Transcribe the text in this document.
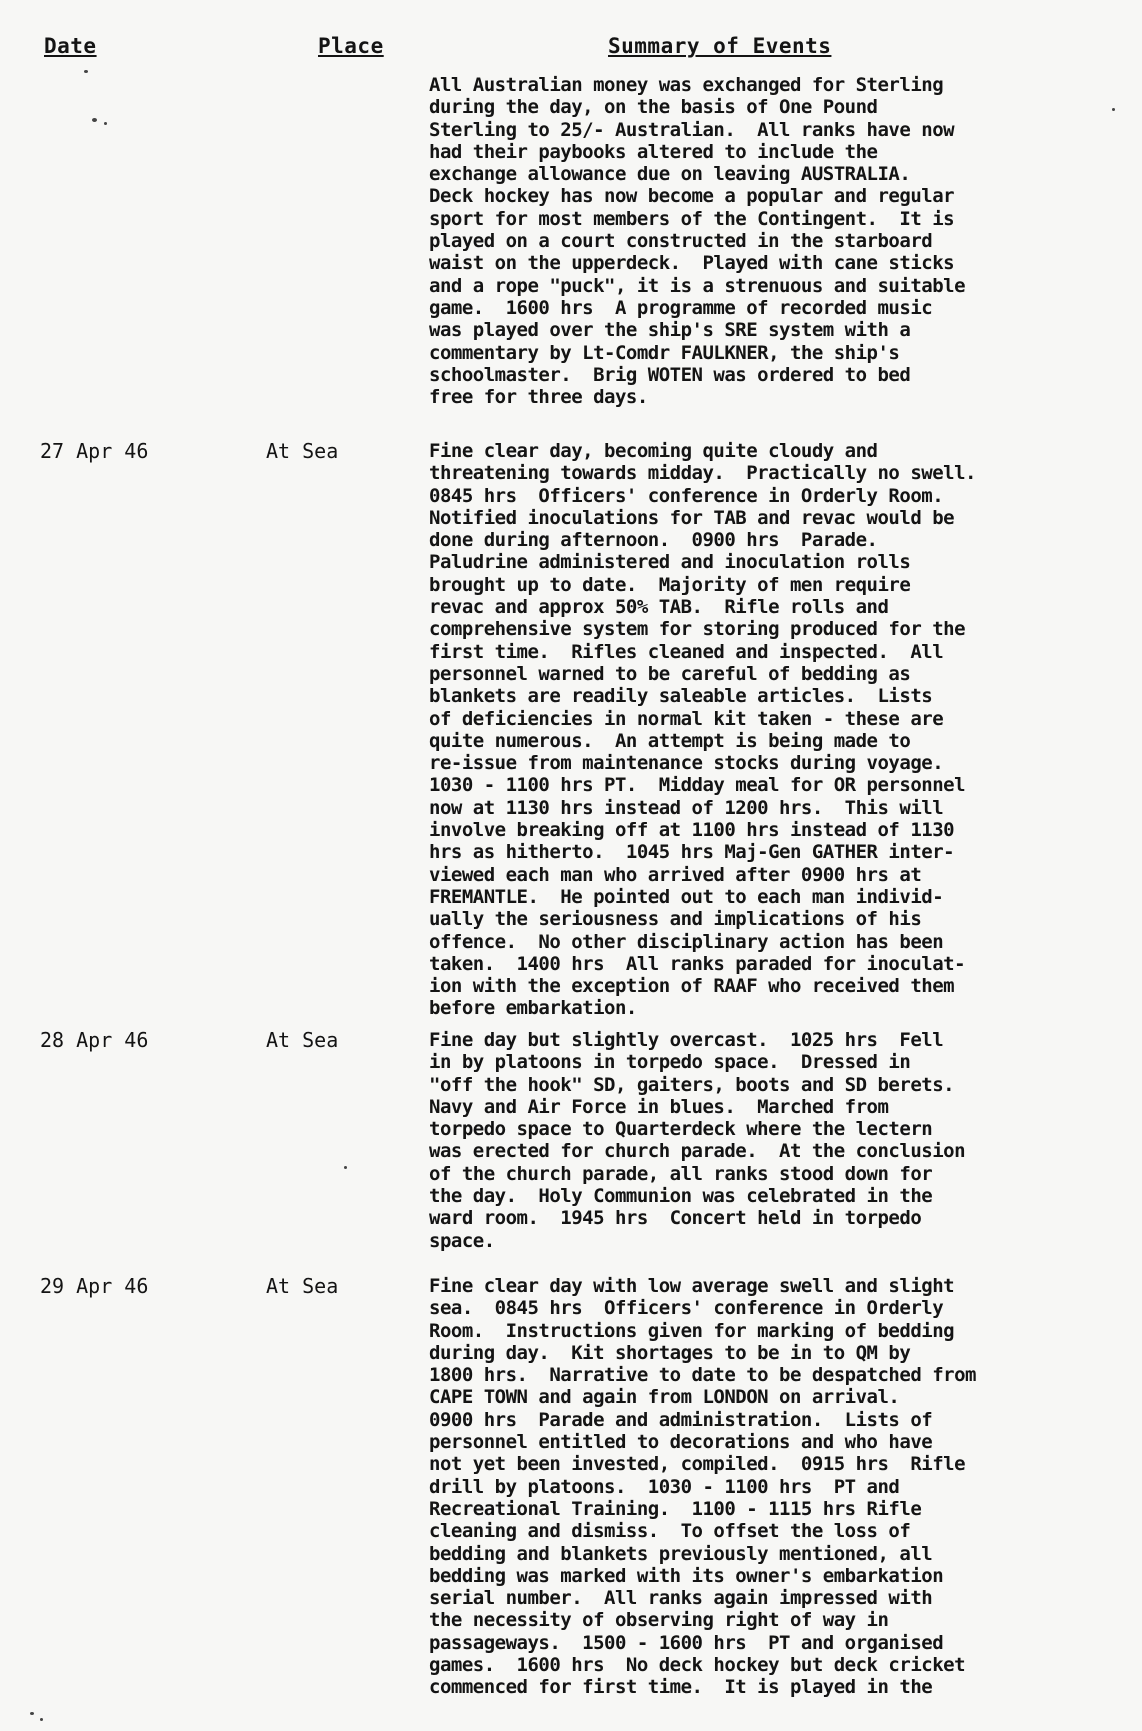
Date	Place	Summary of Events
All Australian money was exchanged for Sterling
during the day, on the basis of One Pound
Sterling to 25/- Australian.  All ranks have now
had their paybooks altered to include the
exchange allowance due on leaving AUSTRALIA.
Deck hockey has now become a popular and regular
sport for most members of the Contingent.  It is
played on a court constructed in the starboard
waist on the upperdeck.  Played with cane sticks
and a rope "puck", it is a strenuous and suitable
game.  1600 hrs  A programme of recorded music
was played over the ship's SRE system with a
commentary by Lt-Comdr FAULKNER, the ship's
schoolmaster.  Brig WOTEN was ordered to bed
free for three days.
27 Apr 46	At Sea	Fine clear day, becoming quite cloudy and
threatening towards midday.  Practically no swell.
0845 hrs  Officers' conference in Orderly Room.
Notified inoculations for TAB and revac would be
done during afternoon.  0900 hrs  Parade.
Paludrine administered and inoculation rolls
brought up to date.  Majority of men require
revac and approx 50% TAB.  Rifle rolls and
comprehensive system for storing produced for the
first time.  Rifles cleaned and inspected.  All
personnel warned to be careful of bedding as
blankets are readily saleable articles.  Lists
of deficiencies in normal kit taken - these are
quite numerous.  An attempt is being made to
re-issue from maintenance stocks during voyage.
1030 - 1100 hrs PT.  Midday meal for OR personnel
now at 1130 hrs instead of 1200 hrs.  This will
involve breaking off at 1100 hrs instead of 1130
hrs as hitherto.  1045 hrs Maj-Gen GATHER inter-
viewed each man who arrived after 0900 hrs at
FREMANTLE.  He pointed out to each man individ-
ually the seriousness and implications of his
offence.  No other disciplinary action has been
taken.  1400 hrs  All ranks paraded for inoculat-
ion with the exception of RAAF who received them
before embarkation.
28 Apr 46	At Sea	Fine day but slightly overcast.  1025 hrs  Fell
in by platoons in torpedo space.  Dressed in
"off the hook" SD, gaiters, boots and SD berets.
Navy and Air Force in blues.  Marched from
torpedo space to Quarterdeck where the lectern
was erected for church parade.  At the conclusion
of the church parade, all ranks stood down for
the day.  Holy Communion was celebrated in the
ward room.  1945 hrs  Concert held in torpedo
space.
29 Apr 46	At Sea	Fine clear day with low average swell and slight
sea.  0845 hrs  Officers' conference in Orderly
Room.  Instructions given for marking of bedding
during day.  Kit shortages to be in to QM by
1800 hrs.  Narrative to date to be despatched from
CAPE TOWN and again from LONDON on arrival.
0900 hrs  Parade and administration.  Lists of
personnel entitled to decorations and who have
not yet been invested, compiled.  0915 hrs  Rifle
drill by platoons.  1030 - 1100 hrs  PT and
Recreational Training.  1100 - 1115 hrs Rifle
cleaning and dismiss.  To offset the loss of
bedding and blankets previously mentioned, all
bedding was marked with its owner's embarkation
serial number.  All ranks again impressed with
the necessity of observing right of way in
passageways.  1500 - 1600 hrs  PT and organised
games.  1600 hrs  No deck hockey but deck cricket
commenced for first time.  It is played in the
